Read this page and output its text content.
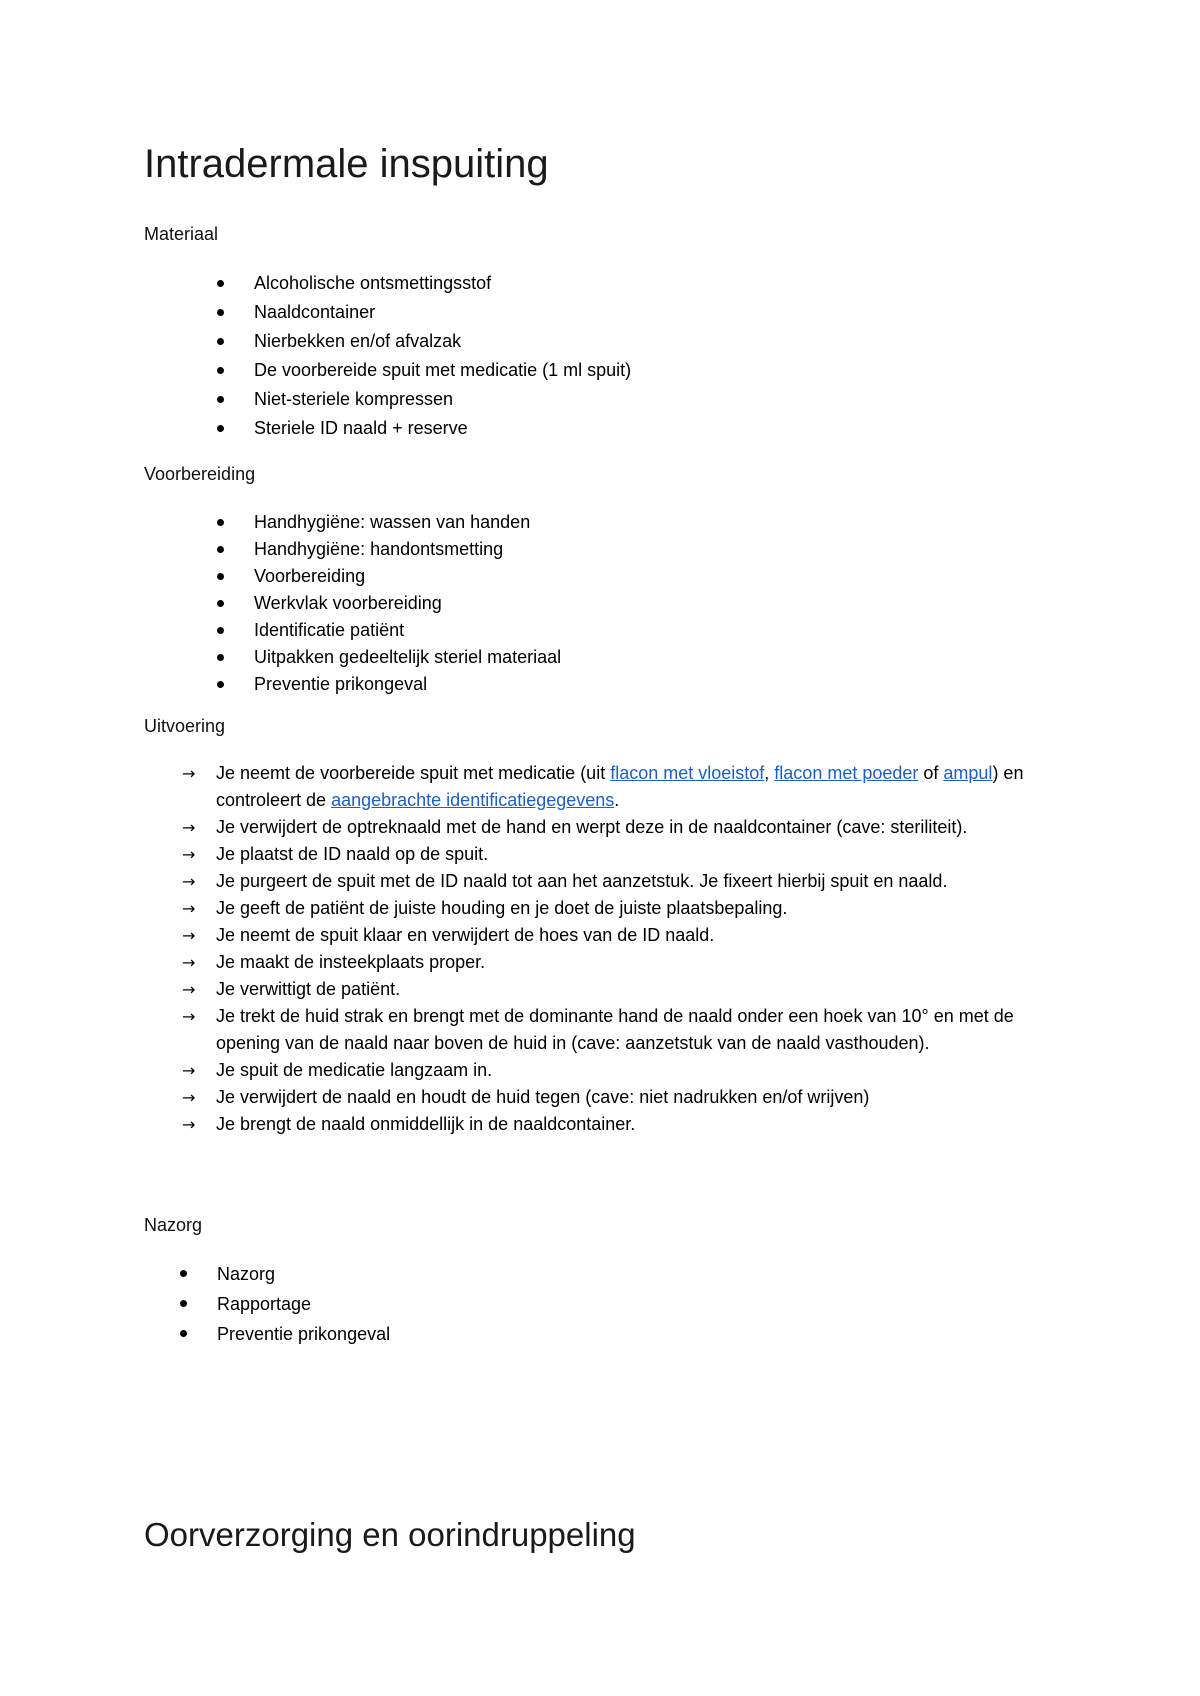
Intradermale inspuiting

Materiaal

Alcoholische ontsmettingsstof
Naaldcontainer
Nierbekken en/of afvalzak
De voorbereide spuit met medicatie (1 ml spuit)
Niet-steriele kompressen
Steriele ID naald + reserve

Voorbereiding

Handhygiëne: wassen van handen
Handhygiëne: handontsmetting
Voorbereiding
Werkvlak voorbereiding
Identificatie patiënt
Uitpakken gedeeltelijk steriel materiaal
Preventie prikongeval

Uitvoering

→ Je neemt de voorbereide spuit met medicatie (uit flacon met vloeistof, flacon met poeder of ampul) en controleert de aangebrachte identificatiegegevens.
→ Je verwijdert de optreknaald met de hand en werpt deze in de naaldcontainer (cave: steriliteit).
→ Je plaatst de ID naald op de spuit.
→ Je purgeert de spuit met de ID naald tot aan het aanzetstuk. Je fixeert hierbij spuit en naald.
→ Je geeft de patiënt de juiste houding en je doet de juiste plaatsbepaling.
→ Je neemt de spuit klaar en verwijdert de hoes van de ID naald.
→ Je maakt de insteekplaats proper.
→ Je verwittigt de patiënt.
→ Je trekt de huid strak en brengt met de dominante hand de naald onder een hoek van 10° en met de opening van de naald naar boven de huid in (cave: aanzetstuk van de naald vasthouden).
→ Je spuit de medicatie langzaam in.
→ Je verwijdert de naald en houdt de huid tegen (cave: niet nadrukken en/of wrijven)
→ Je brengt de naald onmiddellijk in de naaldcontainer.

Nazorg

Nazorg
Rapportage
Preventie prikongeval
Oorverzorging en oorindruppeling
